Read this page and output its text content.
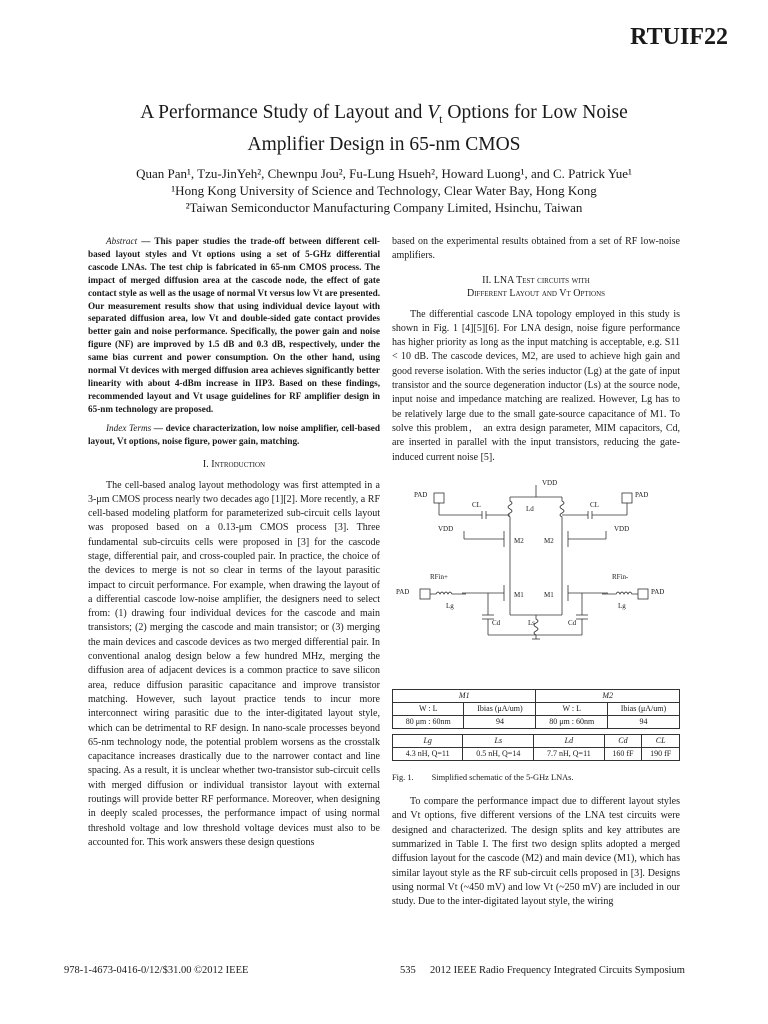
RTUIF22
A Performance Study of Layout and $V_t$ Options for Low Noise
Amplifier Design in 65-nm CMOS
Quan Pan¹, Tzu-JinYeh², Chewnpu Jou², Fu-Lung Hsueh², Howard Luong¹, and C. Patrick Yue¹
¹Hong Kong University of Science and Technology, Clear Water Bay, Hong Kong
²Taiwan Semiconductor Manufacturing Company Limited, Hsinchu, Taiwan

Abstract — This paper studies the trade-off between different cell-based layout styles and Vt options using a set of 5-GHz differential cascode LNAs. The test chip is fabricated in 65-nm CMOS process. The impact of merged diffusion area at the cascode node, the effect of gate contact style as well as the usage of normal Vt versus low Vt are presented. Our measurement results show that using individual device layout with separated diffusion area, low Vt and double-sided gate contact provides better gain and noise performance. Specifically, the power gain and noise figure (NF) are improved by 1.5 dB and 0.3 dB, respectively, under the same bias current and power consumption. On the other hand, using normal Vt devices with merged diffusion area achieves significantly better linearity with about 4-dBm increase in IIP3. Based on these findings, recommended layout and Vt usage guidelines for RF amplifier design in 65-nm technology are proposed.

Index Terms — device characterization, low noise amplifier, cell-based layout, Vt options, noise figure, power gain, matching.

I. Introduction

The cell-based analog layout methodology was first attempted in a 3-μm CMOS process nearly two decades ago [1][2]. More recently, a RF cell-based modeling platform for parameterized sub-circuit cells layout was proposed based on a 0.13-μm CMOS process [3]. Three fundamental sub-circuits cells were proposed in [3] for the cascode stage, differential pair, and cross-coupled pair. In practice, the choice of the devices to merge is not so clear in terms of the layout parasitic impact to circuit performance. For example, when drawing the layout of a differential cascode low-noise amplifier, the designers need to select from: (1) drawing four individual devices for the cascode and main transistors; (2) merging the cascode and main transistor; or (3) merging the main devices and cascode devices as two merged differential pair. In conventional analog design below a few hundred MHz, merging the diffusion area of adjacent devices is a common practice to save silicon area, reduce diffusion parasitic capacitance and improve transistor matching. However, such layout practice tends to incur more interconnect wiring parasitic due to the inter-digitated layout style, which can be detrimental to RF design. In nano-scale processes beyond 65-nm technology node, the potential problem worsens as the crosstalk capacitance increases drastically due to the narrower contact and line spacing. As a result, it is unclear whether two-transistor sub-circuit cells with merged diffusion or individual transistor layout with external routings will provide better RF performance. Moreover, when designing in deeply scaled processes, the performance impact of using normal threshold voltage and low threshold voltage devices must also to be accounted for. This work answers these design questions

based on the experimental results obtained from a set of RF low-noise amplifiers.

II. LNA Test circuits with
Different Layout and Vt Options

The differential cascode LNA topology employed in this study is shown in Fig. 1 [4][5][6]. For LNA design, noise figure performance has higher priority as long as the input matching is acceptable, e.g. S11 < 10 dB. The cascode devices, M2, are used to achieve high gain and good reverse isolation. With the series inductor (Lg) at the gate of input transistor and the source degeneration inductor (Ls) at the source node, input noise and impedance matching are realized. However, Lg has to be relatively large due to the small gate-source capacitance of M1. To solve this problem， an extra design parameter, MIM capacitors, Cd, are inserted in parallel with the input transistors, reducing the gate-induced current noise [5].

VDD
PAD	PAD
CL	CL
Ld
VDD	VDD
M2	M2
RFin+	RFin-
PAD	PAD
M1	M1
Lg	Lg
Cd	Cd
Ls
M1		M2	
W : L	Ibias (μA/um)	W : L	Ibias (μA/um)
80 μm : 60nm	94	80 μm : 60nm	94
Lg	Ls	Ld	Cd	CL
4.3 nH, Q=11	0.5 nH, Q=14	7.7 nH, Q=11	160 fF	190 fF
Fig. 1. Simplified schematic of the 5-GHz LNAs.

To compare the performance impact due to different layout styles and Vt options, five different versions of the LNA test circuits were designed and characterized. The design splits and key attributes are summarized in Table I. The first two design splits adopted a merged diffusion layout for the cascode (M2) and main device (M1), which has similar layout style as the RF sub-circuit cells proposed in [3]. Designs using normal Vt (~450 mV) and low Vt (~250 mV) are included in our study. Due to the inter-digitated layout style, the wiring

978-1-4673-0416-0/12/$31.00 ©2012 IEEE	535 2012 IEEE Radio Frequency Integrated Circuits Symposium
